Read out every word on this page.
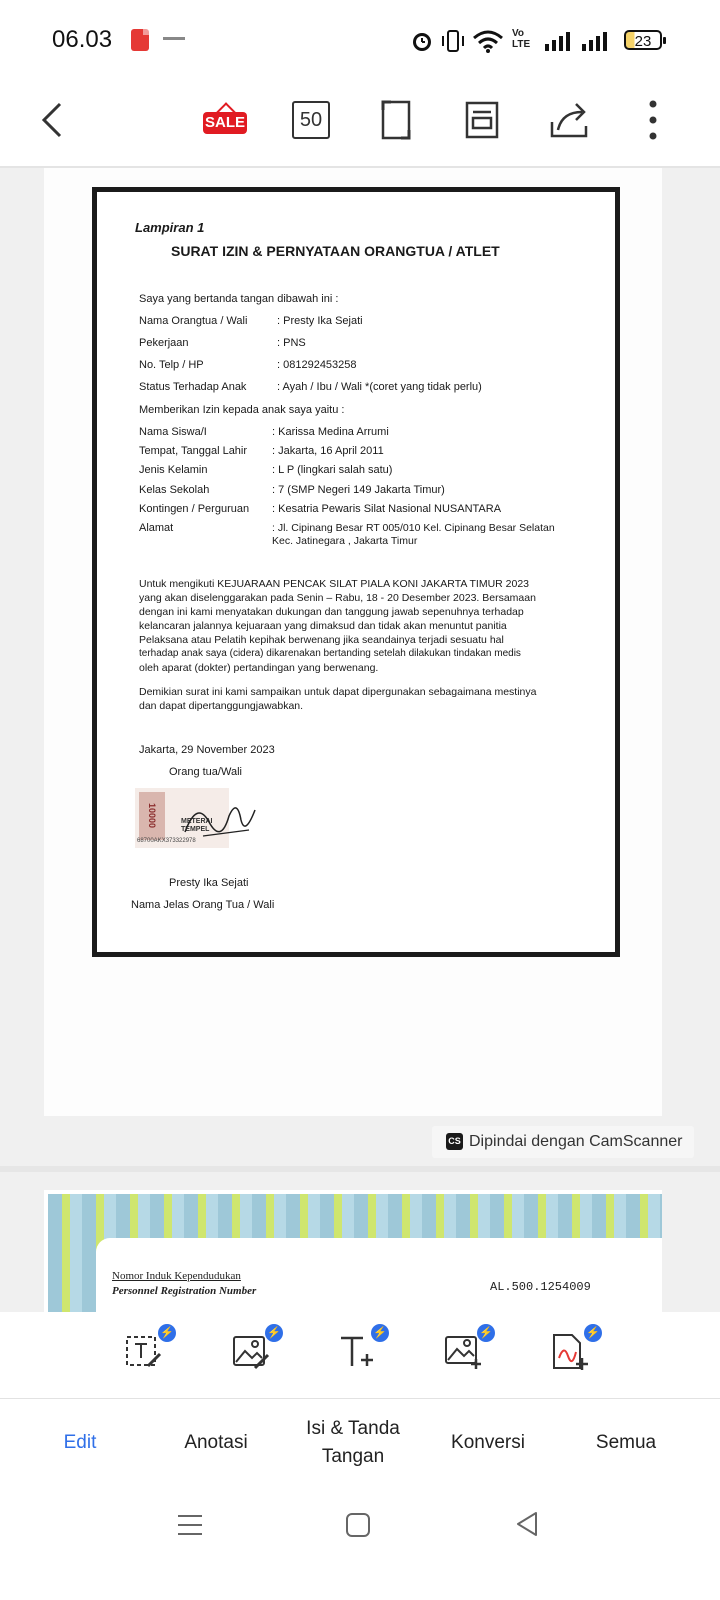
06.03	Vo LTE	23
SALE	50
Lampiran 1
SURAT IZIN & PERNYATAAN ORANGTUA / ATLET
Saya yang bertanda tangan dibawah ini :
Nama Orangtua / Wali	: Presty Ika Sejati
Pekerjaan	: PNS
No. Telp / HP	: 081292453258
Status Terhadap Anak	: Ayah / Ibu / Wali *(coret yang tidak perlu)
Memberikan Izin kepada anak saya yaitu :
Nama Siswa/I	: Karissa Medina Arrumi
Tempat, Tanggal Lahir : Jakarta, 16 April 2011
Jenis Kelamin	: L P (lingkari salah satu)
Kelas Sekolah	: 7 (SMP Negeri 149 Jakarta Timur)
Kontingen / Perguruan : Kesatria Pewaris Silat Nasional NUSANTARA
Alamat	: Jl. Cipinang Besar RT 005/010 Kel. Cipinang Besar Selatan
Kec. Jatinegara , Jakarta Timur
Untuk mengikuti KEJUARAAN PENCAK SILAT PIALA KONI JAKARTA TIMUR 2023
yang akan diselenggarakan pada Senin – Rabu, 18 - 20 Desember 2023. Bersamaan
dengan ini kami menyatakan dukungan dan tanggung jawab sepenuhnya terhadap
kelancaran jalannya kejuaraan yang dimaksud dan tidak akan menuntut panitia
Pelaksana atau Pelatih kepihak berwenang jika seandainya terjadi sesuatu hal
terhadap anak saya (cidera) dikarenakan bertanding setelah dilakukan tindakan medis
oleh aparat (dokter) pertandingan yang berwenang.
Demikian surat ini kami sampaikan untuk dapat dipergunakan sebagaimana mestinya
dan dapat dipertanggungjawabkan.
Jakarta, 29 November 2023
Orang tua/Wali
10000	METERAI TEMPEL
68700AKX373322978
Presty Ika Sejati
Nama Jelas Orang Tua / Wali
CS Dipindai dengan CamScanner
Nomor Induk Kependudukan
Personnel Registration Number	AL.500.1254009
⚡	⚡	⚡	⚡	⚡
Edit	Anotasi
Isi & Tanda Tangan
Konversi	Semua
